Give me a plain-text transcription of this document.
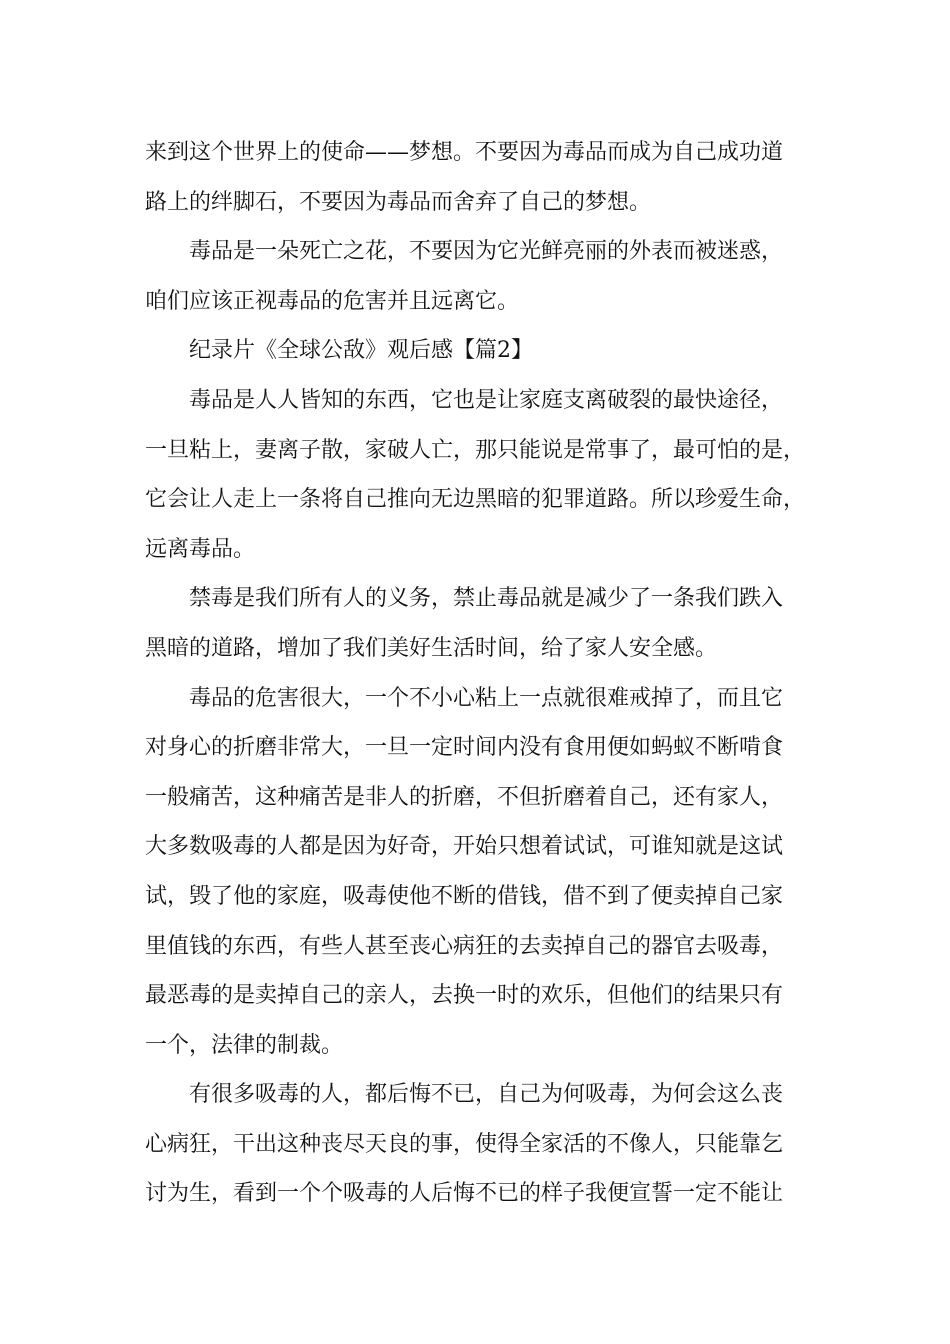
来到这个世界上的使命——梦想。不要因为毒品而成为自己成功道
路上的绊脚石，不要因为毒品而舍弃了自己的梦想。
毒品是一朵死亡之花，不要因为它光鲜亮丽的外表而被迷惑，
咱们应该正视毒品的危害并且远离它。
纪录片《全球公敌》观后感【篇2】
毒品是人人皆知的东西，它也是让家庭支离破裂的最快途径，
一旦粘上，妻离子散，家破人亡，那只能说是常事了，最可怕的是，
它会让人走上一条将自己推向无边黑暗的犯罪道路。所以珍爱生命，
远离毒品。
禁毒是我们所有人的义务，禁止毒品就是减少了一条我们跌入
黑暗的道路，增加了我们美好生活时间，给了家人安全感。
毒品的危害很大，一个不小心粘上一点就很难戒掉了，而且它
对身心的折磨非常大，一旦一定时间内没有食用便如蚂蚁不断啃食
一般痛苦，这种痛苦是非人的折磨，不但折磨着自己，还有家人，
大多数吸毒的人都是因为好奇，开始只想着试试，可谁知就是这试
试，毁了他的家庭，吸毒使他不断的借钱，借不到了便卖掉自己家
里值钱的东西，有些人甚至丧心病狂的去卖掉自己的器官去吸毒，
最恶毒的是卖掉自己的亲人，去换一时的欢乐，但他们的结果只有
一个，法律的制裁。
有很多吸毒的人，都后悔不已，自己为何吸毒，为何会这么丧
心病狂，干出这种丧尽天良的事，使得全家活的不像人，只能靠乞
讨为生，看到一个个吸毒的人后悔不已的样子我便宣誓一定不能让
